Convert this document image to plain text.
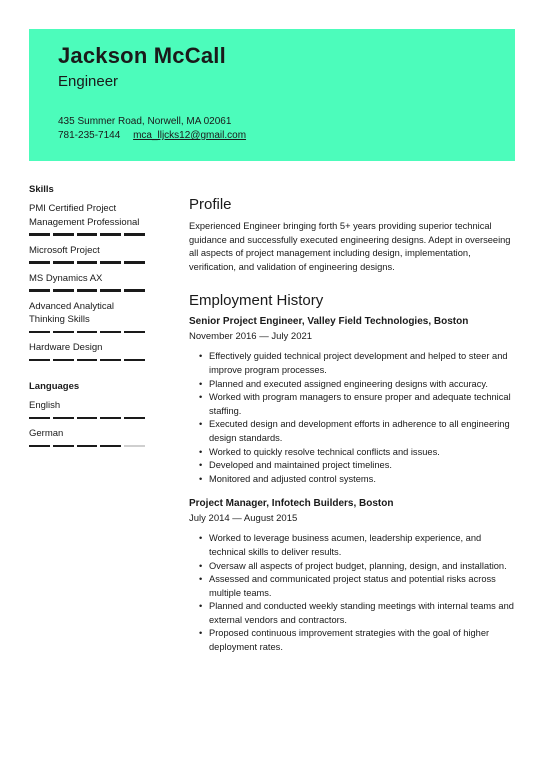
Jackson McCall
Engineer
435 Summer Road, Norwell, MA 02061
781-235-7144 mca_lljcks12@gmail.com
Skills
PMI Certified Project Management Professional
Microsoft Project
MS Dynamics AX
Advanced Analytical Thinking Skills
Hardware Design
Languages
English
German
Profile

Experienced Engineer bringing forth 5+ years providing superior technical guidance and successfully executed engineering designs. Adept in overseeing all aspects of project management including design, implementation, verification, and validation of engineering designs.

Employment History
Senior Project Engineer, Valley Field Technologies, Boston
November 2016 — July 2021
• Effectively guided technical project development and helped to steer and improve program processes.
• Planned and executed assigned engineering designs with accuracy.
• Worked with program managers to ensure proper and adequate technical staffing.
• Executed design and development efforts in adherence to all engineering design standards.
• Worked to quickly resolve technical conflicts and issues.
• Developed and maintained project timelines.
• Monitored and adjusted control systems.
Project Manager, Infotech Builders, Boston
July 2014 — August 2015
• Worked to leverage business acumen, leadership experience, and technical skills to deliver results.
• Oversaw all aspects of project budget, planning, design, and installation.
• Assessed and communicated project status and potential risks across multiple teams.
• Planned and conducted weekly standing meetings with internal teams and external vendors and contractors.
• Proposed continuous improvement strategies with the goal of higher deployment rates.
